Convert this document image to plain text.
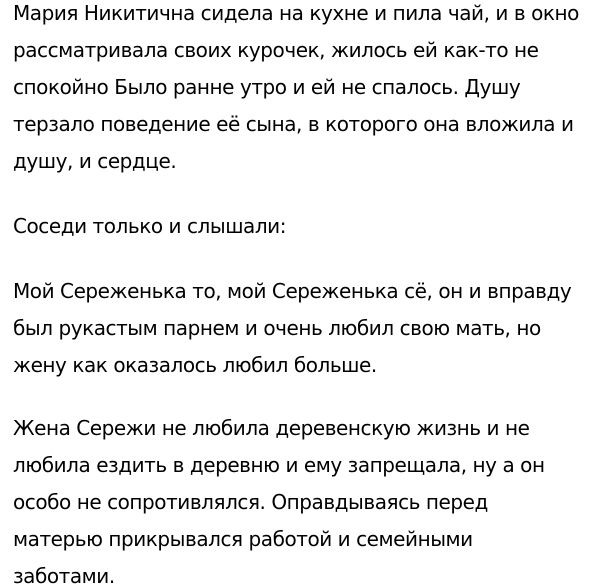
Мария Никитична сидела на кухне и пила чай, и в окно
рассматривала своих курочек, жилось ей как-то не
спокойно Было ранне утро и ей не спалось. Душу
терзало поведение её сына, в которого она вложила и
душу, и сердце.

Соседи только и слышали:

Мой Сереженька то, мой Сереженька сё, он и вправду
был рукастым парнем и очень любил свою мать, но
жену как оказалось любил больше.

Жена Сережи не любила деревенскую жизнь и не
любила ездить в деревню и ему запрещала, ну а он
особо не сопротивлялся. Оправдываясь перед
матерью прикрывался работой и семейными
заботами.
